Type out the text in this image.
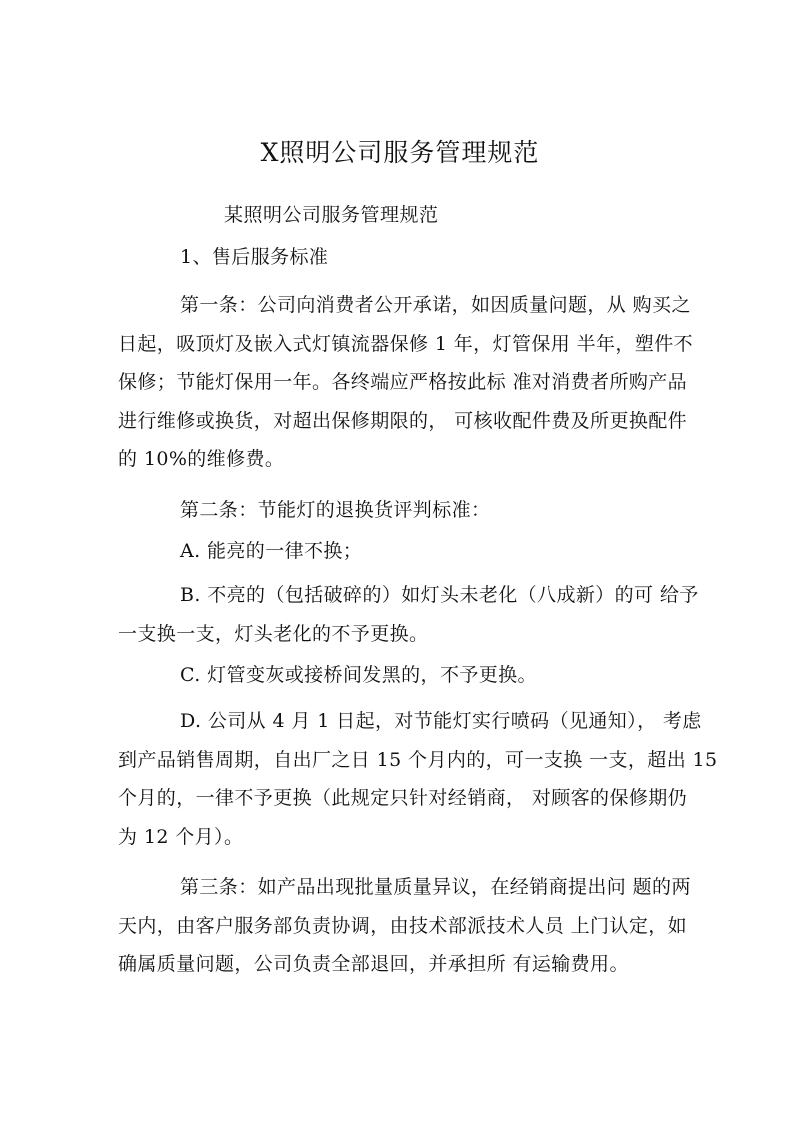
X照明公司服务管理规范
某照明公司服务管理规范
1、售后服务标准
第一条：公司向消费者公开承诺，如因质量问题，从 购买之
日起，吸顶灯及嵌入式灯镇流器保修 1 年，灯管保用 半年，塑件不
保修；节能灯保用一年。各终端应严格按此标 准对消费者所购产品
进行维修或换货，对超出保修期限的， 可核收配件费及所更换配件
的 10%的维修费。
第二条：节能灯的退换货评判标准：
A. 能亮的一律不换；
B. 不亮的（包括破碎的）如灯头未老化（八成新）的可 给予
一支换一支，灯头老化的不予更换。
C. 灯管变灰或接桥间发黑的，不予更换。
D. 公司从 4 月 1 日起，对节能灯实行喷码（见通知）， 考虑
到产品销售周期，自出厂之日 15 个月内的，可一支换 一支，超出 15
个月的，一律不予更换（此规定只针对经销商， 对顾客的保修期仍
为 12 个月）。
第三条：如产品出现批量质量异议，在经销商提出问 题的两
天内，由客户服务部负责协调，由技术部派技术人员 上门认定，如
确属质量问题，公司负责全部退回，并承担所 有运输费用。
